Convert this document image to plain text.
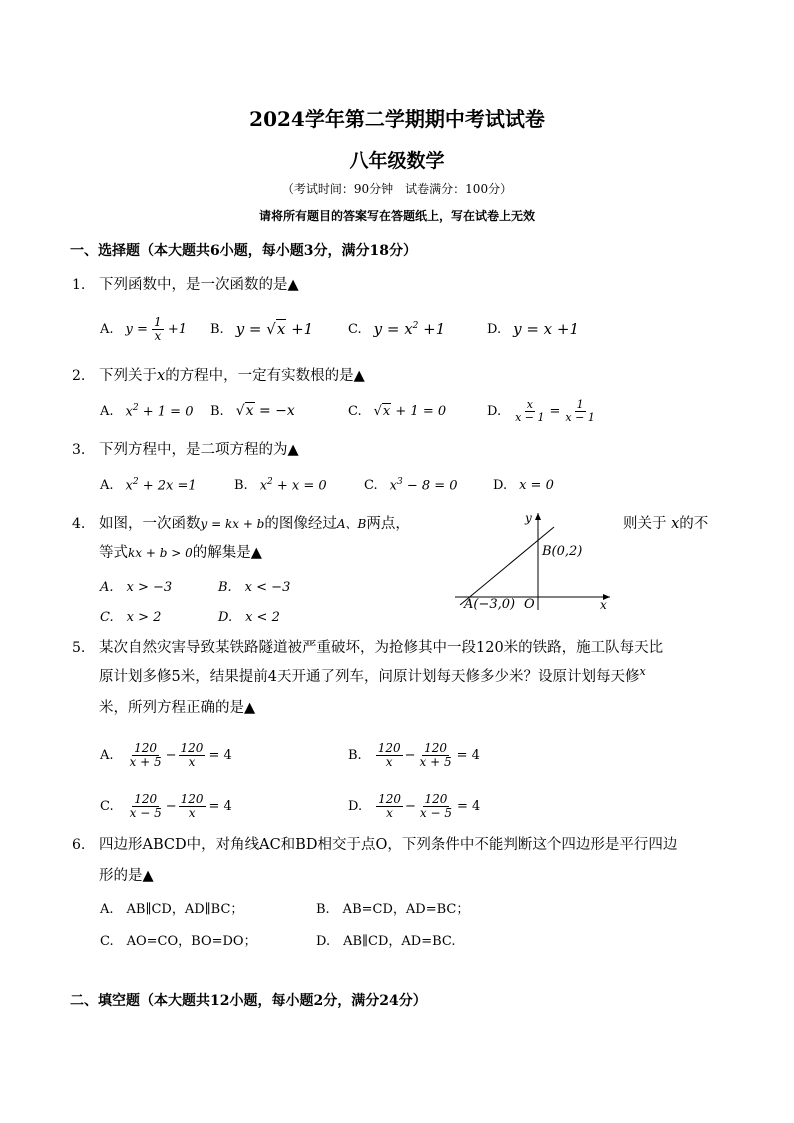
2024学年第二学期期中考试试卷
八年级数学
（考试时间：90分钟　试卷满分：100分）
请将所有题目的答案写在答题纸上，写在试卷上无效
一、选择题（本大题共6小题，每小题3分，满分18分）
1. 下列函数中，是一次函数的是▲
A. $y = \frac{1}{x} +1$ B. y = √x +1	C. $y = x^2 +1$	D. y = x +1
2. 下列关于x的方程中，一定有实数根的是▲
A. $x^2 + 1 = 0$ B. √x = −x	C. √x + 1 = 0	D. $\frac{x}{x - 1} = \frac{1}{x - 1}$
3. 下列方程中，是二项方程的为▲
A. $x^2 + 2x =1$	B. $x^2 + x = 0$	C. $x^3 - 8 = 0$	D. x = 0
4. 如图，一次函数y = kx + b的图像经过A、B两点，	则关于 x的不
等式kx + b > 0的解集是▲
A.　x > −3	B.　x < −3
C.　x > 2	D.　x < 2
y
x
B(0,2)
A(−3,0) O
5. 某次自然灾害导致某铁路隧道被严重破坏，为抢修其中一段120米的铁路，施工队每天比
原计划多修5米，结果提前4天开通了列车，问原计划每天修多少米？设原计划每天修$^x$
米，所列方程正确的是▲
A. $\frac{120}{x + 5} - \frac{120}{x} = 4$	B. $\frac{120}{x} - \frac{120}{x + 5} = 4$
C. $\frac{120}{x - 5} - \frac{120}{x} = 4$	D. $\frac{120}{x} - \frac{120}{x - 5} = 4$
6. 四边形ABCD中，对角线AC和BD相交于点O，下列条件中不能判断这个四边形是平行四边
形的是▲
A.　AB∥CD，AD∥BC；	B.　AB=CD，AD=BC；
C.　AO=CO，BO=DO；	D.　AB∥CD，AD=BC.
二、填空题（本大题共12小题，每小题2分，满分24分）
